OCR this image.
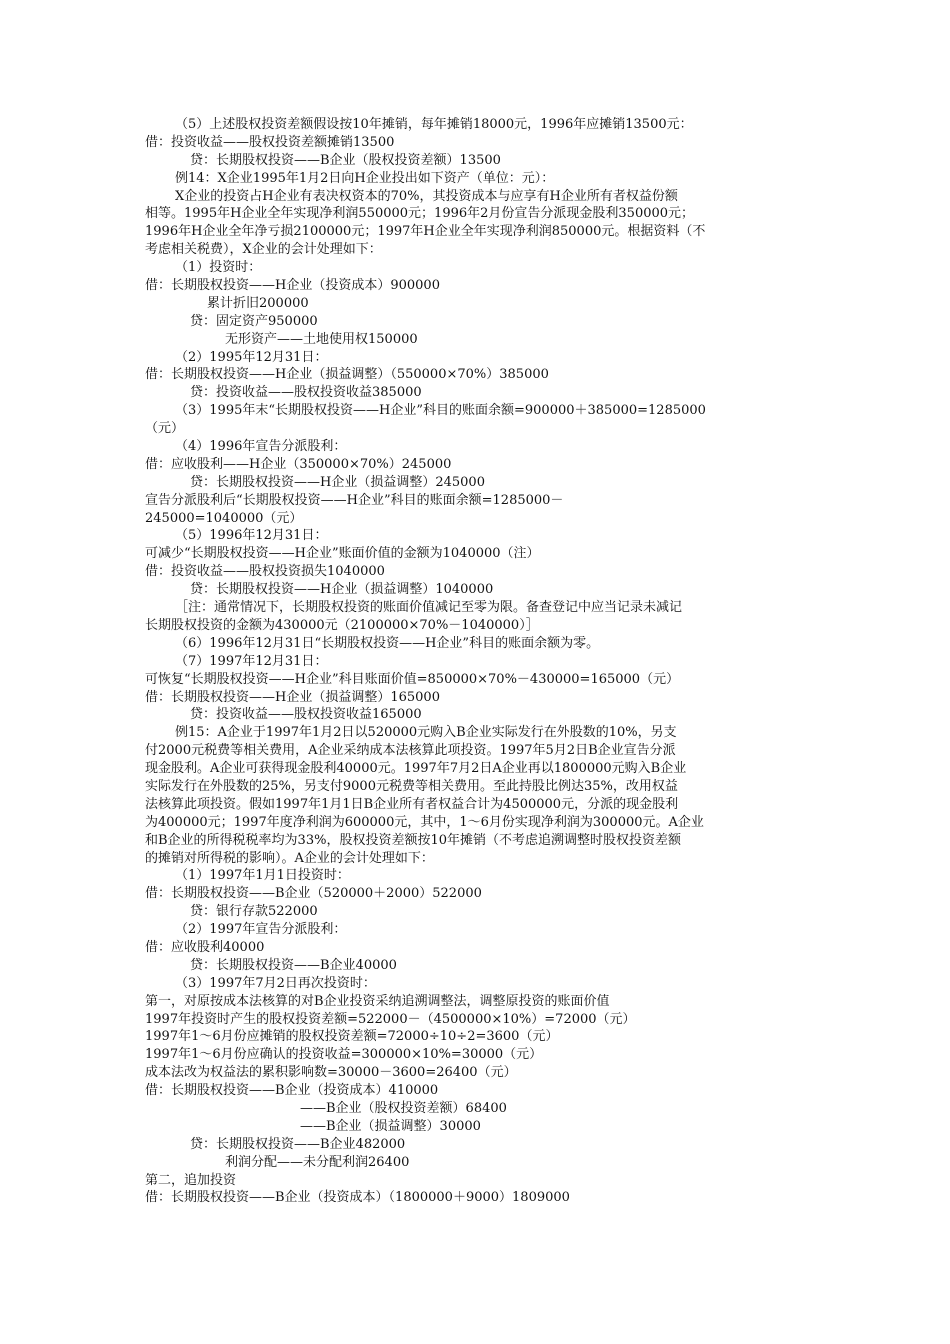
（5）上述股权投资差额假设按10年摊销，每年摊销18000元，1996年应摊销13500元：
借：投资收益——股权投资差额摊销13500
贷：长期股权投资——B企业（股权投资差额）13500
例14：X企业1995年1月2日向H企业投出如下资产（单位：元）：
X企业的投资占H企业有表决权资本的70%，其投资成本与应享有H企业所有者权益份额
相等。1995年H企业全年实现净利润550000元；1996年2月份宣告分派现金股利350000元；
1996年H企业全年净亏损2100000元；1997年H企业全年实现净利润850000元。根据资料（不
考虑相关税费），X企业的会计处理如下：
（1）投资时：
借：长期股权投资——H企业（投资成本）900000
累计折旧200000
贷：固定资产950000
无形资产——土地使用权150000
（2）1995年12月31日：
借：长期股权投资——H企业（损益调整）（550000×70%）385000
贷：投资收益——股权投资收益385000
（3）1995年末“长期股权投资——H企业”科目的账面余额=900000＋385000=1285000
（元）
（4）1996年宣告分派股利：
借：应收股利——H企业（350000×70%）245000
贷：长期股权投资——H企业（损益调整）245000
宣告分派股利后“长期股权投资——H企业”科目的账面余额=1285000－
245000=1040000（元）
（5）1996年12月31日：
可减少“长期股权投资——H企业”账面价值的金额为1040000（注）
借：投资收益——股权投资损失1040000
贷：长期股权投资——H企业（损益调整）1040000
［注：通常情况下，长期股权投资的账面价值减记至零为限。备查登记中应当记录未减记
长期股权投资的金额为430000元（2100000×70%－1040000）］
（6）1996年12月31日“长期股权投资——H企业”科目的账面余额为零。
（7）1997年12月31日：
可恢复“长期股权投资——H企业”科目账面价值=850000×70%－430000=165000（元）
借：长期股权投资——H企业（损益调整）165000
贷：投资收益——股权投资收益165000
例15：A企业于1997年1月2日以520000元购入B企业实际发行在外股数的10%，另支
付2000元税费等相关费用，A企业采纳成本法核算此项投资。1997年5月2日B企业宣告分派
现金股利。A企业可获得现金股利40000元。1997年7月2日A企业再以1800000元购入B企业
实际发行在外股数的25%，另支付9000元税费等相关费用。至此持股比例达35%，改用权益
法核算此项投资。假如1997年1月1日B企业所有者权益合计为4500000元，分派的现金股利
为400000元；1997年度净利润为600000元，其中，1～6月份实现净利润为300000元。A企业
和B企业的所得税税率均为33%，股权投资差额按10年摊销（不考虑追溯调整时股权投资差额
的摊销对所得税的影响）。A企业的会计处理如下：
（1）1997年1月1日投资时：
借：长期股权投资——B企业（520000＋2000）522000
贷：银行存款522000
（2）1997年宣告分派股利：
借：应收股利40000
贷：长期股权投资——B企业40000
（3）1997年7月2日再次投资时：
第一，对原按成本法核算的对B企业投资采纳追溯调整法，调整原投资的账面价值
1997年投资时产生的股权投资差额=522000－（4500000×10%）=72000（元）
1997年1～6月份应摊销的股权投资差额=72000÷10÷2=3600（元）
1997年1～6月份应确认的投资收益=300000×10%=30000（元）
成本法改为权益法的累积影响数=30000－3600=26400（元）
借：长期股权投资——B企业（投资成本）410000
——B企业（股权投资差额）68400
——B企业（损益调整）30000
贷：长期股权投资——B企业482000
利润分配——未分配利润26400
第二，追加投资
借：长期股权投资——B企业（投资成本）（1800000＋9000）1809000
